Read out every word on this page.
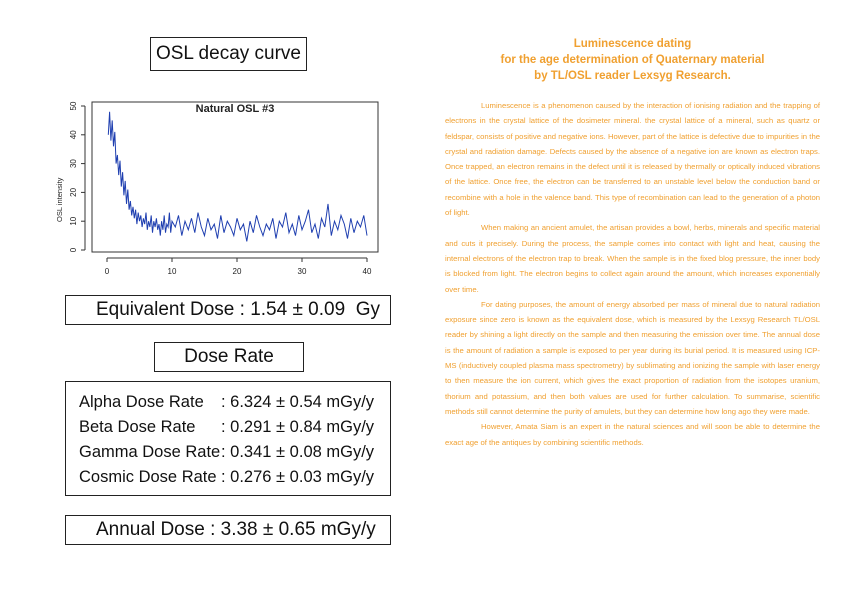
OSL decay curve
Natural OSL #3
OSL intensity
0
10
20
30
40
50
0	10	20	30	40
Equivalent Dose : 1.54 ± 0.09  Gy
Dose Rate
Alpha Dose Rate	: 6.324 ± 0.54 mGy/y
Beta Dose Rate	: 0.291 ± 0.84 mGy/y
Gamma Dose Rate : 0.341 ± 0.08 mGy/y
Cosmic Dose Rate : 0.276 ± 0.03 mGy/y
Annual Dose : 3.38 ± 0.65 mGy/y
Luminescence dating
for the age determination of Quaternary material
by TL/OSL reader Lexsyg Research.

Luminescence is a phenomenon caused by the interaction of ionising radiation and the trapping of electrons in the crystal lattice of the dosimeter mineral. the crystal lattice of a mineral, such as quartz or feldspar, consists of positive and negative ions. However, part of the lattice is defective due to impurities in the crystal and radiation damage. Defects caused by the absence of a negative ion are known as electron traps. Once trapped, an electron remains in the defect until it is released by thermally or optically induced vibrations of the lattice. Once free, the electron can be transferred to an unstable level below the conduction band or recombine with a hole in the valence band. This type of recombination can lead to the generation of a photon of light.

When making an ancient amulet, the artisan provides a bowl, herbs, minerals and specific material and cuts it precisely. During the process, the sample comes into contact with light and heat, causing the internal electrons of the electron trap to break. When the sample is in the fixed blog pressure, the inner body is blocked from light. The electron begins to collect again around the amount, which increases exponentially over time.

For dating purposes, the amount of energy absorbed per mass of mineral due to natural radiation exposure since zero is known as the equivalent dose, which is measured by the Lexsyg Research TL/OSL reader by shining a light directly on the sample and then measuring the emission over time. The annual dose is the amount of radiation a sample is exposed to per year during its burial period. It is measured using ICP-MS (inductively coupled plasma mass spectrometry) by sublimating and ionizing the sample with laser energy to then measure the ion current, which gives the exact proportion of radiation from the isotopes uranium, thorium and potassium, and then both values are used for further calculation. To summarise, scientific methods still cannot determine the purity of amulets, but they can determine how long ago they were made.

However, Amata Siam is an expert in the natural sciences and will soon be able to determine the exact age of the antiques by combining scientific methods.
